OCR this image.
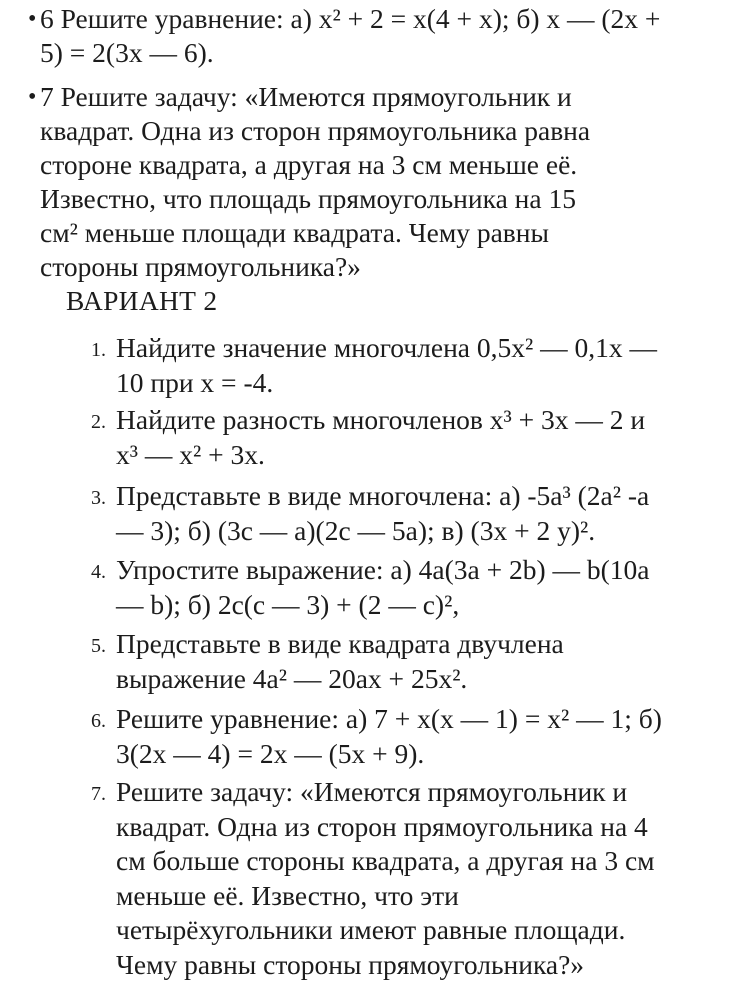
• 6 Решите уравнение: а) x² + 2 = x(4 + x); б) x — (2x +
5) = 2(3x — 6).
• 7 Решите задачу: «Имеются прямоугольник и
квадрат. Одна из сторон прямоугольника равна
стороне квадрата, а другая на 3 см меньше её.
Известно, что площадь прямоугольника на 15
см² меньше площади квадрата. Чему равны
стороны прямоугольника?»
ВАРИАНТ 2
1. Найдите значение многочлена 0,5x² — 0,1x —
10 при x = -4.
2. Найдите разность многочленов x³ + 3x — 2 и
x³ — x² + 3x.
3. Представьте в виде многочлена: а) -5a³ (2a² -a
— 3); б) (3c — a)(2c — 5a); в) (3x + 2 y)².
4. Упростите выражение: а) 4a(3a + 2b) — b(10a
— b); б) 2c(c — 3) + (2 — c)²,
5. Представьте в виде квадрата двучлена
выражение 4a² — 20ax + 25x².
6. Решите уравнение: а) 7 + x(x — 1) = x² — 1; б)
3(2x — 4) = 2x — (5x + 9).
7. Решите задачу: «Имеются прямоугольник и
квадрат. Одна из сторон прямоугольника на 4
см больше стороны квадрата, а другая на 3 см
меньше её. Известно, что эти
четырёхугольники имеют равные площади.
Чему равны стороны прямоугольника?»
